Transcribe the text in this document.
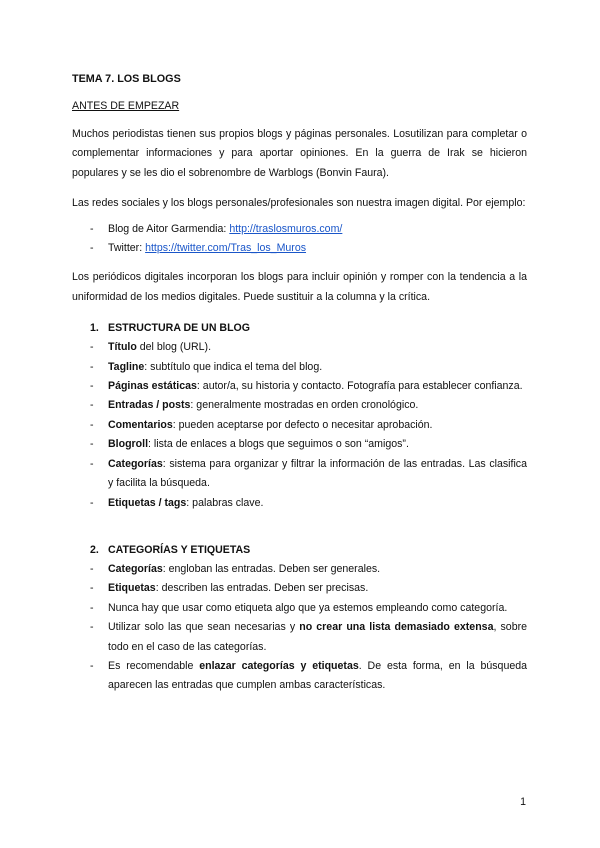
TEMA 7. LOS BLOGS
ANTES DE EMPEZAR

Muchos periodistas tienen sus propios blogs y páginas personales. Losutilizan para completar o complementar informaciones y para aportar opiniones. En la guerra de Irak se hicieron populares y se les dio el sobrenombre de Warblogs (Bonvin Faura).

Las redes sociales y los blogs personales/profesionales son nuestra imagen digital. Por ejemplo:

- Blog de Aitor Garmendia: http://traslosmuros.com/
- Twitter: https://twitter.com/Tras_los_Muros

Los periódicos digitales incorporan los blogs para incluir opinión y romper con la tendencia a la uniformidad de los medios digitales. Puede sustituir a la columna y la crítica.

1. ESTRUCTURA DE UN BLOG
- Título del blog (URL).
- Tagline: subtítulo que indica el tema del blog.
- Páginas estáticas: autor/a, su historia y contacto. Fotografía para establecer confianza.
- Entradas / posts: generalmente mostradas en orden cronológico.
- Comentarios: pueden aceptarse por defecto o necesitar aprobación.
- Blogroll: lista de enlaces a blogs que seguimos o son “amigos”.
- Categorías: sistema para organizar y filtrar la información de las entradas. Las clasifica y facilita la búsqueda.
- Etiquetas / tags: palabras clave.
2. CATEGORÍAS Y ETIQUETAS
- Categorías: engloban las entradas. Deben ser generales.
- Etiquetas: describen las entradas. Deben ser precisas.
- Nunca hay que usar como etiqueta algo que ya estemos empleando como categoría.
- Utilizar solo las que sean necesarias y no crear una lista demasiado extensa, sobre todo en el caso de las categorías.
- Es recomendable enlazar categorías y etiquetas. De esta forma, en la búsqueda aparecen las entradas que cumplen ambas características.
1
